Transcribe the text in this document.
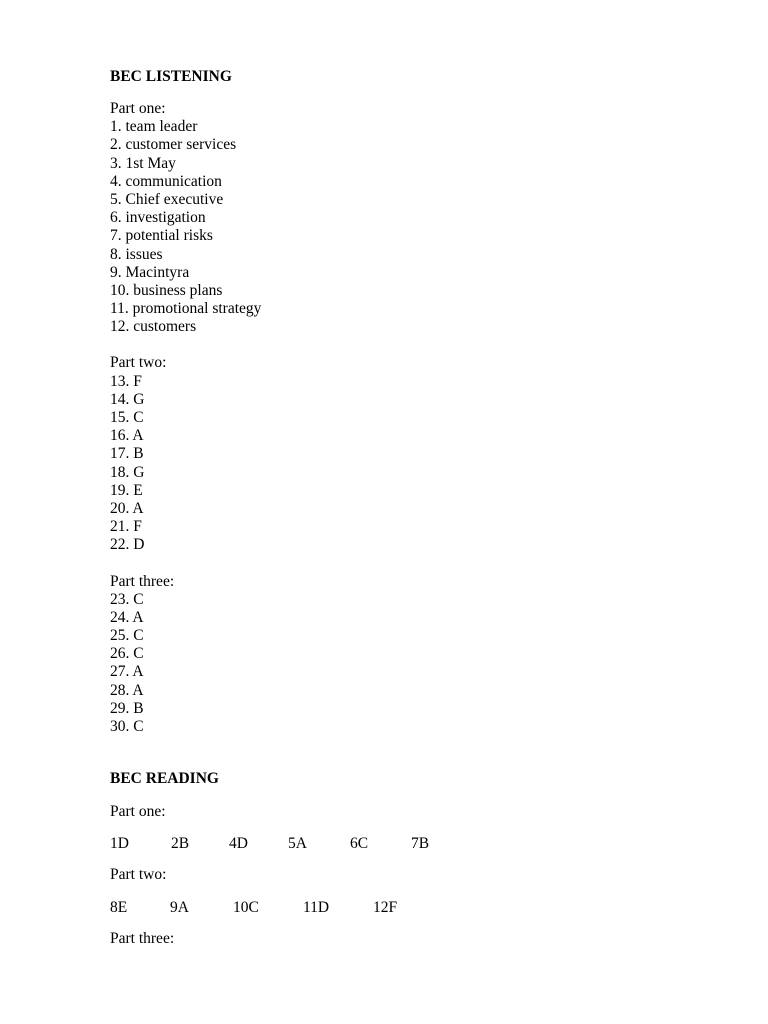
BEC LISTENING
Part one:
1. team leader
2. customer services
3. 1st May
4. communication
5. Chief executive
6. investigation
7. potential risks
8. issues
9. Macintyra
10. business plans
11. promotional strategy
12. customers
Part two:
13. F
14. G
15. C
16. A
17. B
18. G
19. E
20. A
21. F
22. D
Part three:
23. C
24. A
25. C
26. C
27. A
28. A
29. B
30. C
BEC READING
Part one:
1D	2B	4D	5A	6C	7B
Part two:
8E	9A	10C	11D	12F
Part three:
